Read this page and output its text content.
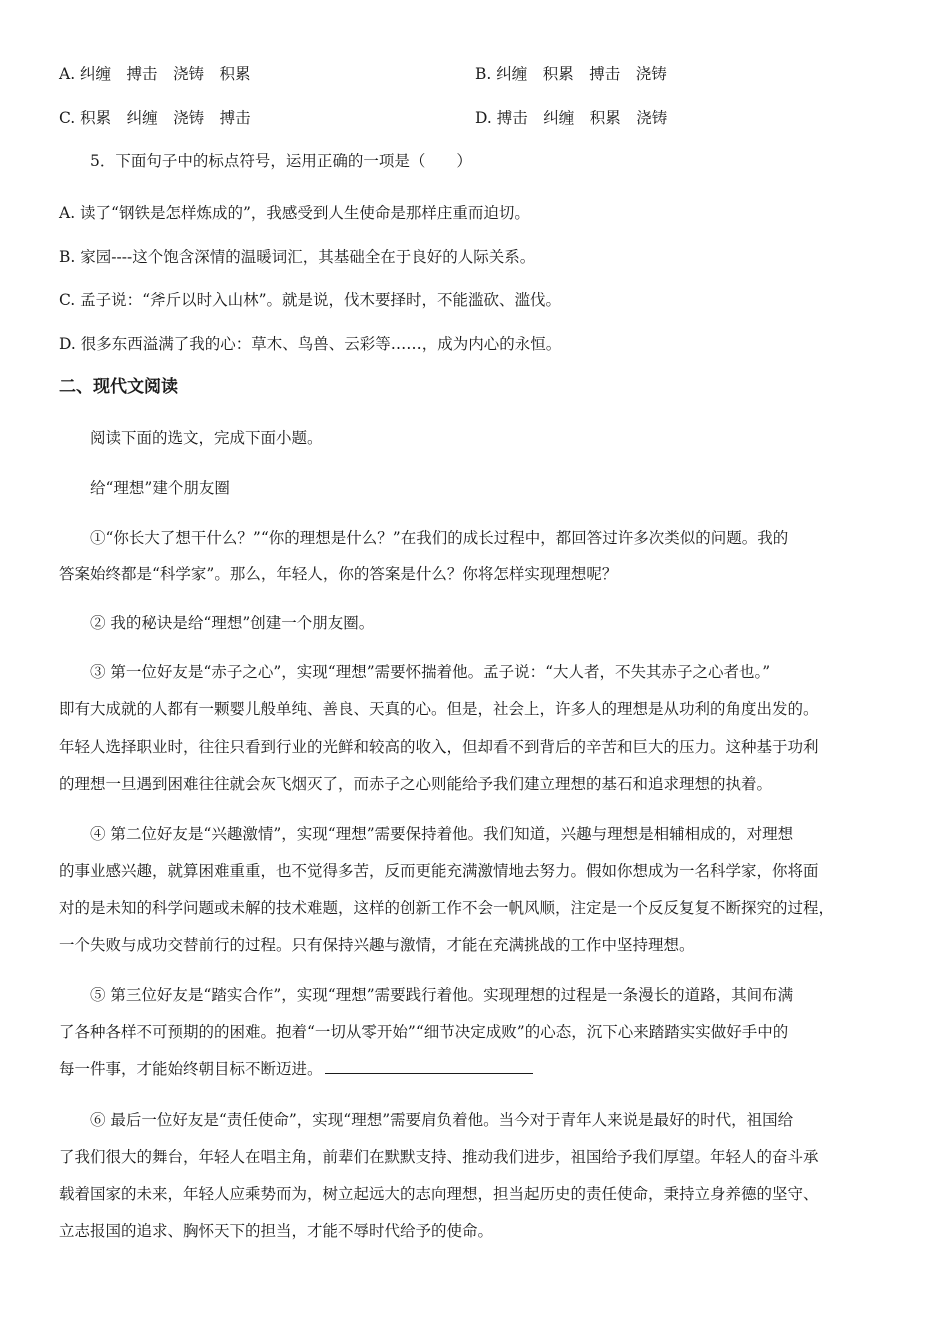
A. 纠缠　搏击　浇铸　积累	B. 纠缠　积累　搏击　浇铸
C. 积累　纠缠　浇铸　搏击	D. 搏击　纠缠　积累　浇铸
5．下面句子中的标点符号，运用正确的一项是（　　）
A. 读了“钢铁是怎样炼成的”，我感受到人生使命是那样庄重而迫切。
B. 家园----这个饱含深情的温暖词汇，其基础全在于良好的人际关系。
C. 孟子说：“斧斤以时入山林”。就是说，伐木要择时，不能滥砍、滥伐。
D. 很多东西溢满了我的心：草木、鸟兽、云彩等……，成为内心的永恒。
二、现代文阅读
阅读下面的选文，完成下面小题。
给“理想”建个朋友圈
①“你长大了想干什么？”“你的理想是什么？”在我们的成长过程中，都回答过许多次类似的问题。我的
答案始终都是“科学家”。那么，年轻人，你的答案是什么？你将怎样实现理想呢？
② 我的秘诀是给“理想”创建一个朋友圈。
③ 第一位好友是“赤子之心”，实现“理想”需要怀揣着他。孟子说：“大人者，不失其赤子之心者也。”
即有大成就的人都有一颗婴儿般单纯、善良、天真的心。但是，社会上，许多人的理想是从功利的角度出发的。
年轻人选择职业时，往往只看到行业的光鲜和较高的收入，但却看不到背后的辛苦和巨大的压力。这种基于功利
的理想一旦遇到困难往往就会灰飞烟灭了，而赤子之心则能给予我们建立理想的基石和追求理想的执着。
④ 第二位好友是“兴趣激情”，实现“理想”需要保持着他。我们知道，兴趣与理想是相辅相成的，对理想
的事业感兴趣，就算困难重重，也不觉得多苦，反而更能充满激情地去努力。假如你想成为一名科学家，你将面
对的是未知的科学问题或未解的技术难题，这样的创新工作不会一帆风顺，注定是一个反反复复不断探究的过程，
一个失败与成功交替前行的过程。只有保持兴趣与激情，才能在充满挑战的工作中坚持理想。
⑤ 第三位好友是“踏实合作”，实现“理想”需要践行着他。实现理想的过程是一条漫长的道路，其间布满
了各种各样不可预期的的困难。抱着“一切从零开始”“细节决定成败”的心态，沉下心来踏踏实实做好手中的
每一件事，才能始终朝目标不断迈进。
⑥ 最后一位好友是“责任使命”，实现“理想”需要肩负着他。当今对于青年人来说是最好的时代，祖国给
了我们很大的舞台，年轻人在唱主角，前辈们在默默支持、推动我们进步，祖国给予我们厚望。年轻人的奋斗承
载着国家的未来，年轻人应乘势而为，树立起远大的志向理想，担当起历史的责任使命，秉持立身养德的坚守、
立志报国的追求、胸怀天下的担当，才能不辱时代给予的使命。
